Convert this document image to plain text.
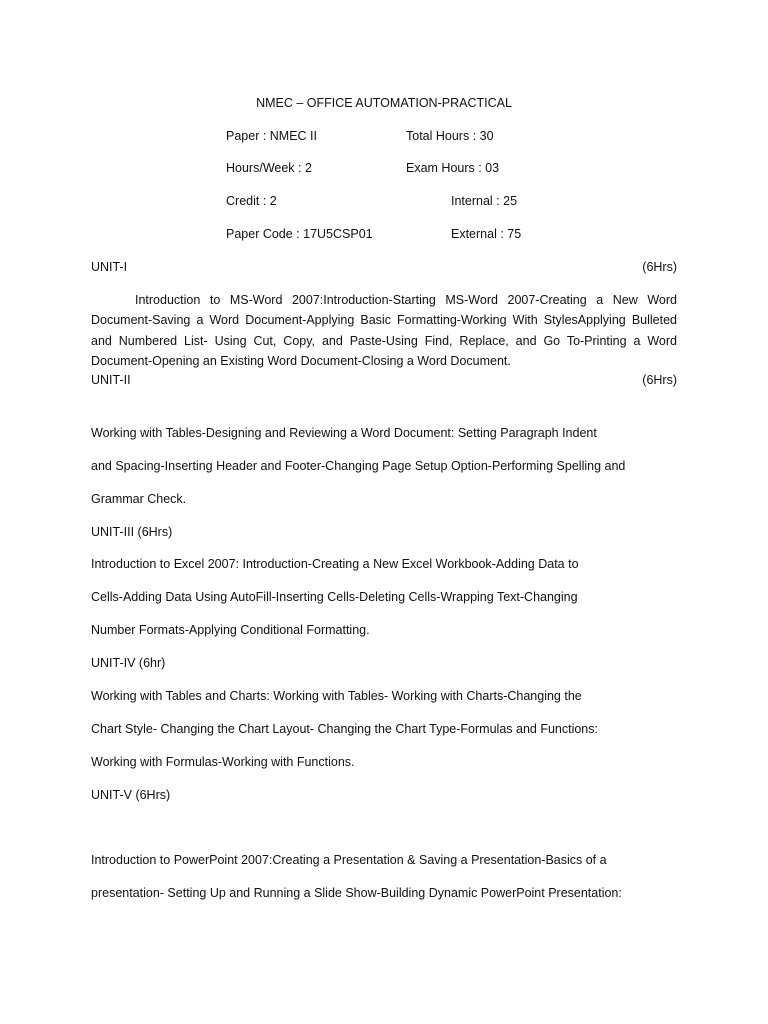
NMEC – OFFICE AUTOMATION-PRACTICAL
Paper : NMEC II	Total Hours : 30
Hours/Week : 2	Exam Hours : 03
Credit : 2	Internal : 25
Paper Code : 17U5CSP01	External : 75
UNIT-I	(6Hrs)
Introduction to MS-Word 2007:Introduction-Starting MS-Word 2007-Creating a New Word Document-Saving a Word Document-Applying Basic Formatting-Working With StylesApplying Bulleted and Numbered List- Using Cut, Copy, and Paste-Using Find, Replace, and Go To-Printing a Word Document-Opening an Existing Word Document-Closing a Word Document.
UNIT-II	(6Hrs)
Working with Tables-Designing and Reviewing a Word Document: Setting Paragraph Indent
and Spacing-Inserting Header and Footer-Changing Page Setup Option-Performing Spelling and
Grammar Check.
UNIT-III (6Hrs)
Introduction to Excel 2007: Introduction-Creating a New Excel Workbook-Adding Data to
Cells-Adding Data Using AutoFill-Inserting Cells-Deleting Cells-Wrapping Text-Changing
Number Formats-Applying Conditional Formatting.
UNIT-IV (6hr)
Working with Tables and Charts: Working with Tables- Working with Charts-Changing the
Chart Style- Changing the Chart Layout- Changing the Chart Type-Formulas and Functions:
Working with Formulas-Working with Functions.
UNIT-V (6Hrs)
Introduction to PowerPoint 2007:Creating a Presentation & Saving a Presentation-Basics of a
presentation- Setting Up and Running a Slide Show-Building Dynamic PowerPoint Presentation:
